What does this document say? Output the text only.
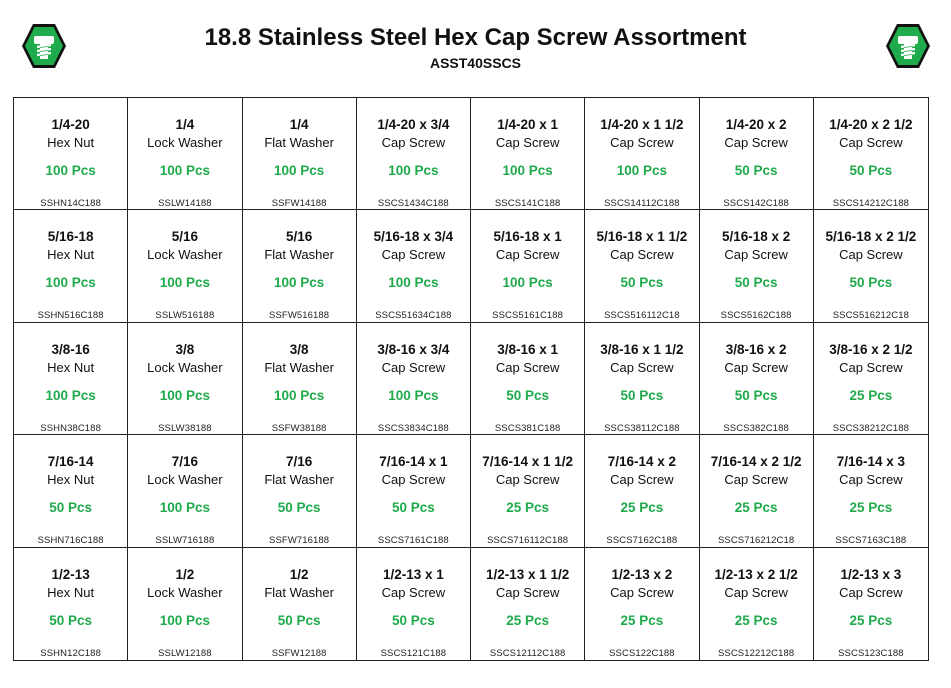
18.8 Stainless Steel Hex Cap Screw Assortment
ASST40SSCS
1/4-20
Hex Nut
100 Pcs
SSHN14C188
1/4
Lock Washer
100 Pcs
SSLW14188
1/4
Flat Washer
100 Pcs
SSFW14188
1/4-20 x 3/4
Cap Screw
100 Pcs
SSCS1434C188
1/4-20 x 1
Cap Screw
100 Pcs
SSCS141C188
1/4-20 x 1 1/2
Cap Screw
100 Pcs
SSCS14112C188
1/4-20 x 2
Cap Screw
50 Pcs
SSCS142C188
1/4-20 x 2 1/2
Cap Screw
50 Pcs
SSCS14212C188
5/16-18
Hex Nut
100 Pcs
SSHN516C188
5/16
Lock Washer
100 Pcs
SSLW516188
5/16
Flat Washer
100 Pcs
SSFW516188
5/16-18 x 3/4
Cap Screw
100 Pcs
SSCS51634C188
5/16-18 x 1
Cap Screw
100 Pcs
SSCS5161C188
5/16-18 x 1 1/2
Cap Screw
50 Pcs
SSCS516112C18
5/16-18 x 2
Cap Screw
50 Pcs
SSCS5162C188
5/16-18 x 2 1/2
Cap Screw
50 Pcs
SSCS516212C18
3/8-16
Hex Nut
100 Pcs
SSHN38C188
3/8
Lock Washer
100 Pcs
SSLW38188
3/8
Flat Washer
100 Pcs
SSFW38188
3/8-16 x 3/4
Cap Screw
100 Pcs
SSCS3834C188
3/8-16 x 1
Cap Screw
50 Pcs
SSCS381C188
3/8-16 x 1 1/2
Cap Screw
50 Pcs
SSCS38112C188
3/8-16 x 2
Cap Screw
50 Pcs
SSCS382C188
3/8-16 x 2 1/2
Cap Screw
25 Pcs
SSCS38212C188
7/16-14
Hex Nut
50 Pcs
SSHN716C188
7/16
Lock Washer
100 Pcs
SSLW716188
7/16
Flat Washer
50 Pcs
SSFW716188
7/16-14 x 1
Cap Screw
50 Pcs
SSCS7161C188
7/16-14 x 1 1/2
Cap Screw
25 Pcs
SSCS716112C188
7/16-14 x 2
Cap Screw
25 Pcs
SSCS7162C188
7/16-14 x 2 1/2
Cap Screw
25 Pcs
SSCS716212C18
7/16-14 x 3
Cap Screw
25 Pcs
SSCS7163C188
1/2-13
Hex Nut
50 Pcs
SSHN12C188
1/2
Lock Washer
100 Pcs
SSLW12188
1/2
Flat Washer
50 Pcs
SSFW12188
1/2-13 x 1
Cap Screw
50 Pcs
SSCS121C188
1/2-13 x 1 1/2
Cap Screw
25 Pcs
SSCS12112C188
1/2-13 x 2
Cap Screw
25 Pcs
SSCS122C188
1/2-13 x 2 1/2
Cap Screw
25 Pcs
SSCS12212C188
1/2-13 x 3
Cap Screw
25 Pcs
SSCS123C188
